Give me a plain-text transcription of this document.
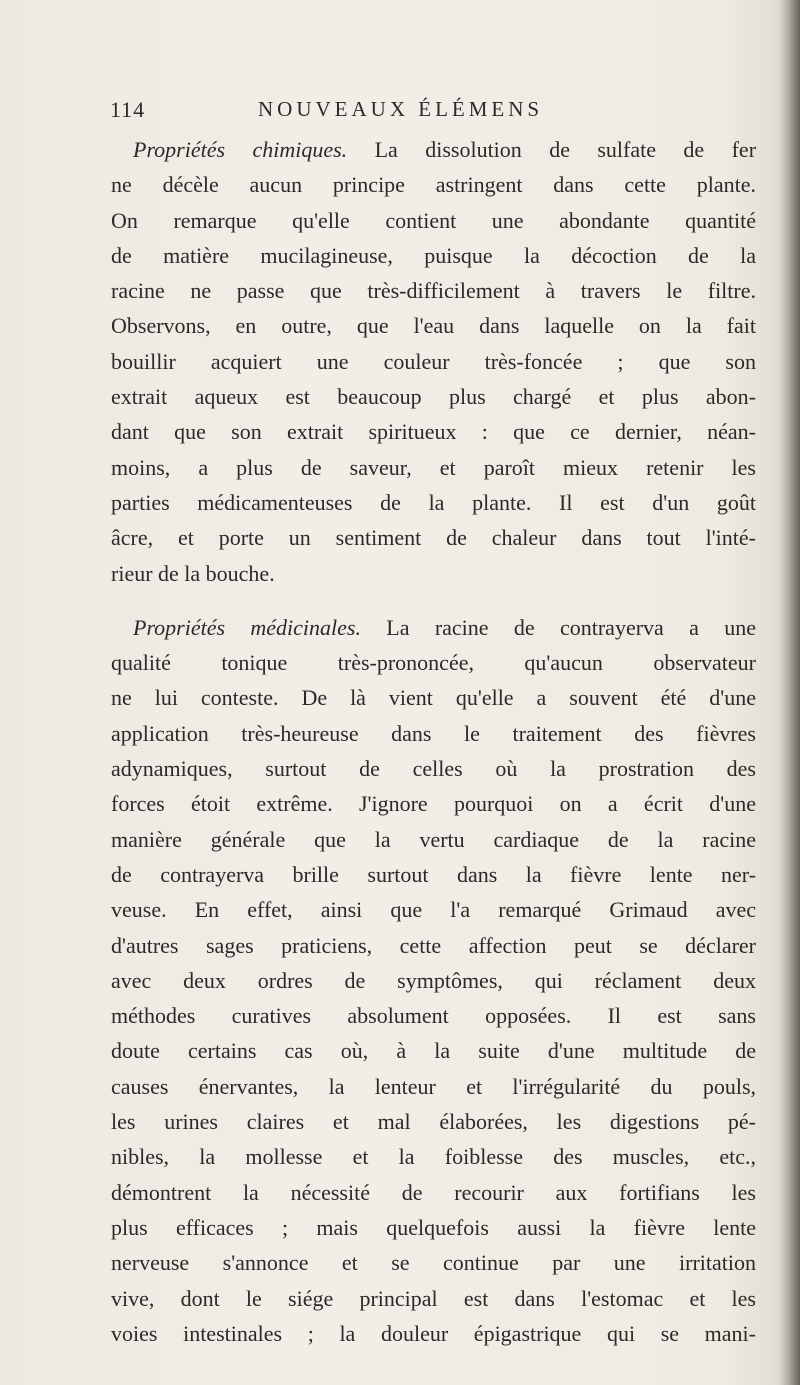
114	NOUVEAUX ÉLÉMENS
Propriétés chimiques. La dissolution de sulfate de fer
ne décèle aucun principe astringent dans cette plante.
On remarque qu'elle contient une abondante quantité
de matière mucilagineuse, puisque la décoction de la
racine ne passe que très-difficilement à travers le filtre.
Observons, en outre, que l'eau dans laquelle on la fait
bouillir acquiert une couleur très-foncée ; que son
extrait aqueux est beaucoup plus chargé et plus abon-
dant que son extrait spiritueux : que ce dernier, néan-
moins, a plus de saveur, et paroît mieux retenir les
parties médicamenteuses de la plante. Il est d'un goût
âcre, et porte un sentiment de chaleur dans tout l'inté-
rieur de la bouche.
Propriétés médicinales. La racine de contrayerva a une
qualité tonique très-prononcée, qu'aucun observateur
ne lui conteste. De là vient qu'elle a souvent été d'une
application très-heureuse dans le traitement des fièvres
adynamiques, surtout de celles où la prostration des
forces étoit extrême. J'ignore pourquoi on a écrit d'une
manière générale que la vertu cardiaque de la racine
de contrayerva brille surtout dans la fièvre lente ner-
veuse. En effet, ainsi que l'a remarqué Grimaud avec
d'autres sages praticiens, cette affection peut se déclarer
avec deux ordres de symptômes, qui réclament deux
méthodes curatives absolument opposées. Il est sans
doute certains cas où, à la suite d'une multitude de
causes énervantes, la lenteur et l'irrégularité du pouls,
les urines claires et mal élaborées, les digestions pé-
nibles, la mollesse et la foiblesse des muscles, etc.,
démontrent la nécessité de recourir aux fortifians les
plus efficaces ; mais quelquefois aussi la fièvre lente
nerveuse s'annonce et se continue par une irritation
vive, dont le siége principal est dans l'estomac et les
voies intestinales ; la douleur épigastrique qui se mani-
